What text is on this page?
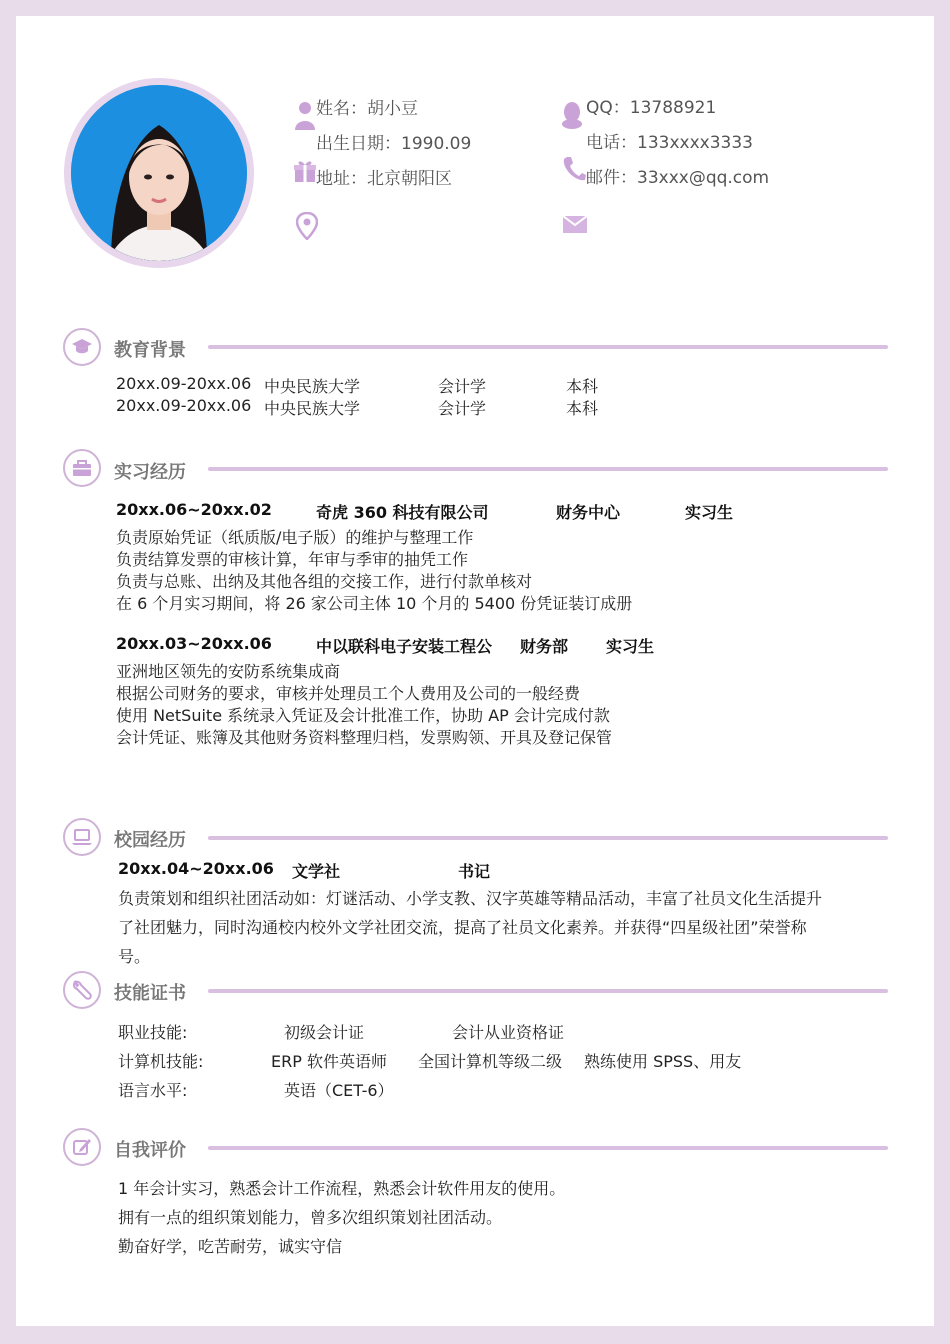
姓名：胡小豆
出生日期：1990.09
地址：北京朝阳区
QQ：13788921
电话：133xxxx3333
邮件：33xxx@qq.com
教育背景
20xx.09-20xx.06 中央民族大学	会计学	本科
20xx.09-20xx.06 中央民族大学	会计学	本科
实习经历
20xx.06~20xx.02	奇虎 360 科技有限公司	财务中心	实习生
负责原始凭证（纸质版/电子版）的维护与整理工作
负责结算发票的审核计算，年审与季审的抽凭工作
负责与总账、出纳及其他各组的交接工作，进行付款单核对
在 6 个月实习期间，将 26 家公司主体 10 个月的 5400 份凭证装订成册
20xx.03~20xx.06	中以联科电子安装工程公 财务部 实习生
亚洲地区领先的安防系统集成商
根据公司财务的要求，审核并处理员工个人费用及公司的一般经费
使用 NetSuite 系统录入凭证及会计批准工作，协助 AP 会计完成付款
会计凭证、账簿及其他财务资料整理归档，发票购领、开具及登记保管
校园经历
20xx.04~20xx.06 文学社	书记
负责策划和组织社团活动如：灯谜活动、小学支教、汉字英雄等精品活动，丰富了社员文化生活提升
了社团魅力，同时沟通校内校外文学社团交流，提高了社员文化素养。并获得“四星级社团”荣誉称
号。
技能证书
职业技能:	初级会计证	会计从业资格证
计算机技能:	ERP 软件英语师 全国计算机等级二级 熟练使用 SPSS、用友
语言水平:	英语（CET-6）
自我评价
1 年会计实习，熟悉会计工作流程，熟悉会计软件用友的使用。
拥有一点的组织策划能力，曾多次组织策划社团活动。
勤奋好学，吃苦耐劳，诚实守信
